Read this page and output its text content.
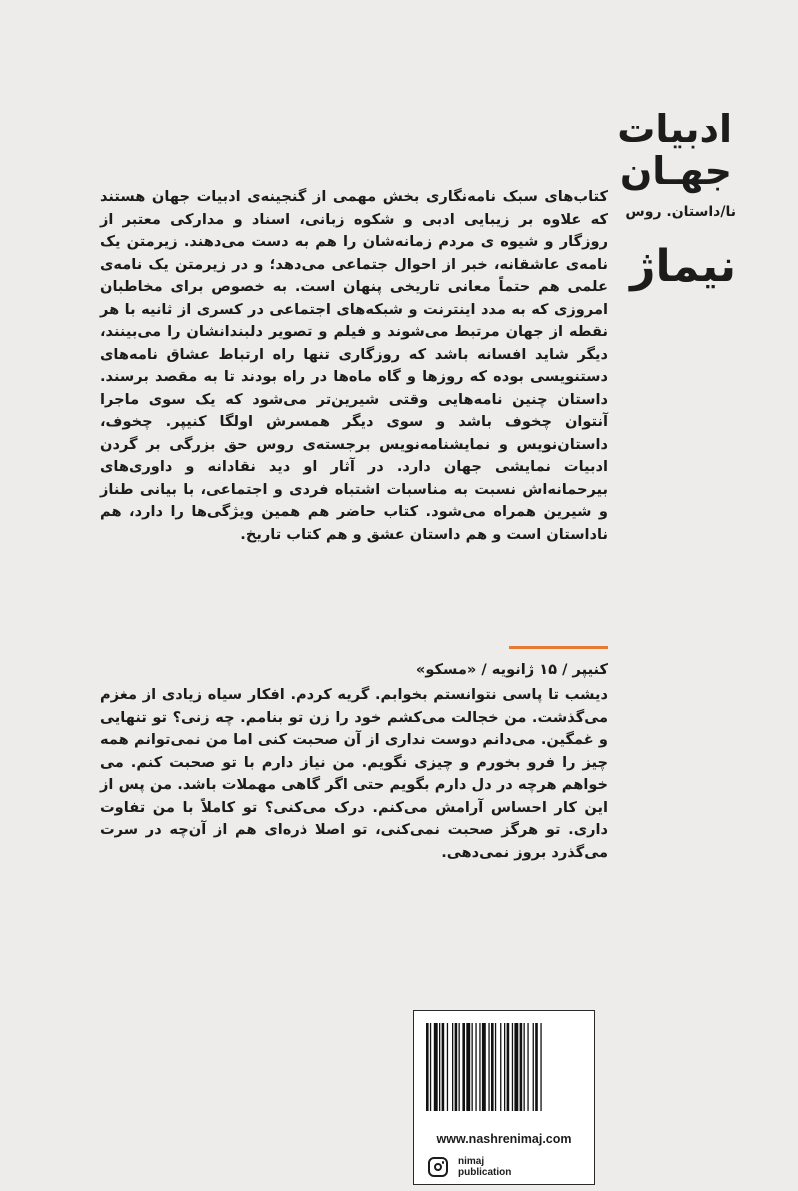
ادبیات
جهـان
نا/داستان. روس
نیماژ

کتاب‌های سبک نامه‌نگاری بخش مهمی از گنجینه‌ی ادبیات جهان هستند که علاوه بر زیبایی ادبی و شکوه زبانی، اسناد و مدارکی معتبر از روزگار و شیوه ی مردم زمانه‌شان را هم به دست می‌دهند. زیرمتن یک نامه‌ی عاشقانه، خبر از احوال جتماعی می‌دهد؛ و در زیرمتن یک نامه‌ی علمی هم حتماً معانی تاریخی پنهان است. به خصوص برای مخاطبان امروزی که به مدد اینترنت و شبکه‌های اجتماعی در کسری از ثانیه با هر نقطه از جهان مرتبط می‌شوند و فیلم و تصویر دلبندانشان را می‌بینند، دیگر شاید افسانه باشد که روزگاری تنها راه ارتباط عشاق نامه‌های دستنویسی بوده که روزها و گاه ماه‌ها در راه بودند تا به مقصد برسند. داستان چنین نامه‌هایی وقتی شیرین‌تر می‌شود که یک سوی ماجرا آنتوان چخوف باشد و سوی دیگر همسرش اولگا کنیپر. چخوف، داستان‌نویس و نمایشنامه‌نویس برجسته‌ی روس حق بزرگی بر گردن ادبیات نمایشی جهان دارد. در آثار او دید نقادانه و داوری‌های بیرحمانه‌اش نسبت به مناسبات اشتباه فردی و اجتماعی، با بیانی طناز و شیرین همراه می‌شود. کتاب حاضر هم همین ویژگی‌ها را دارد، هم ناداستان است و هم داستان عشق و هم کتاب تاریخ.

کنیپر / ۱۵ ژانویه / «مسکو»

دیشب تا پاسی نتوانستم بخوابم. گریه کردم. افکار سیاه زیادی از مغزم می‌گذشت. من خجالت می‌کشم خود را زن تو بنامم. چه زنی؟ تو تنهایی و غمگین. می‌دانم دوست نداری از آن صحبت کنی اما من نمی‌توانم همه چیز را فرو بخورم و چیزی نگویم. من نیاز دارم با تو صحبت کنم. می خواهم هرچه در دل دارم بگویم حتی اگر گاهی مهملات باشد. من پس از این کار احساس آرامش می‌کنم. درک می‌کنی؟ تو کاملاً با من تفاوت داری. تو هرگز صحبت نمی‌کنی، تو اصلا ذره‌ای هم از آن‌چه در سرت می‌گذرد بروز نمی‌دهی.

www.nashrenimaj.com
nimaj
publication
